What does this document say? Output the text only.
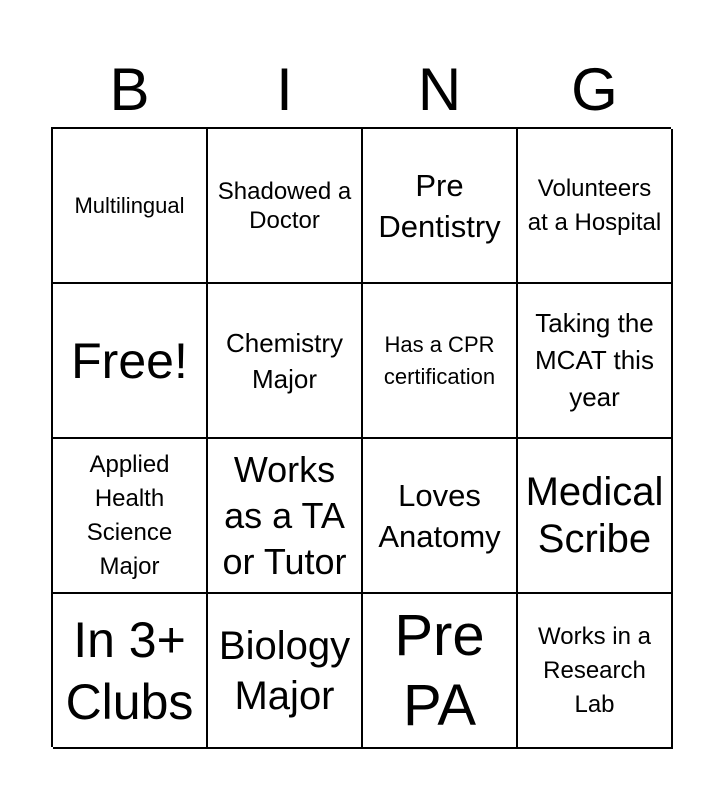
B	I	N	G
Multilingual
Shadowed a Doctor
Pre Dentistry
Volunteers at a Hospital
Free!	Chemistry Major
Has a CPR certification
Taking the MCAT this year
Applied Health Science Major
Works as a TA or Tutor
Loves Anatomy
Medical Scribe
In 3+ Clubs
Biology Major
Pre PA
Works in a Research Lab
